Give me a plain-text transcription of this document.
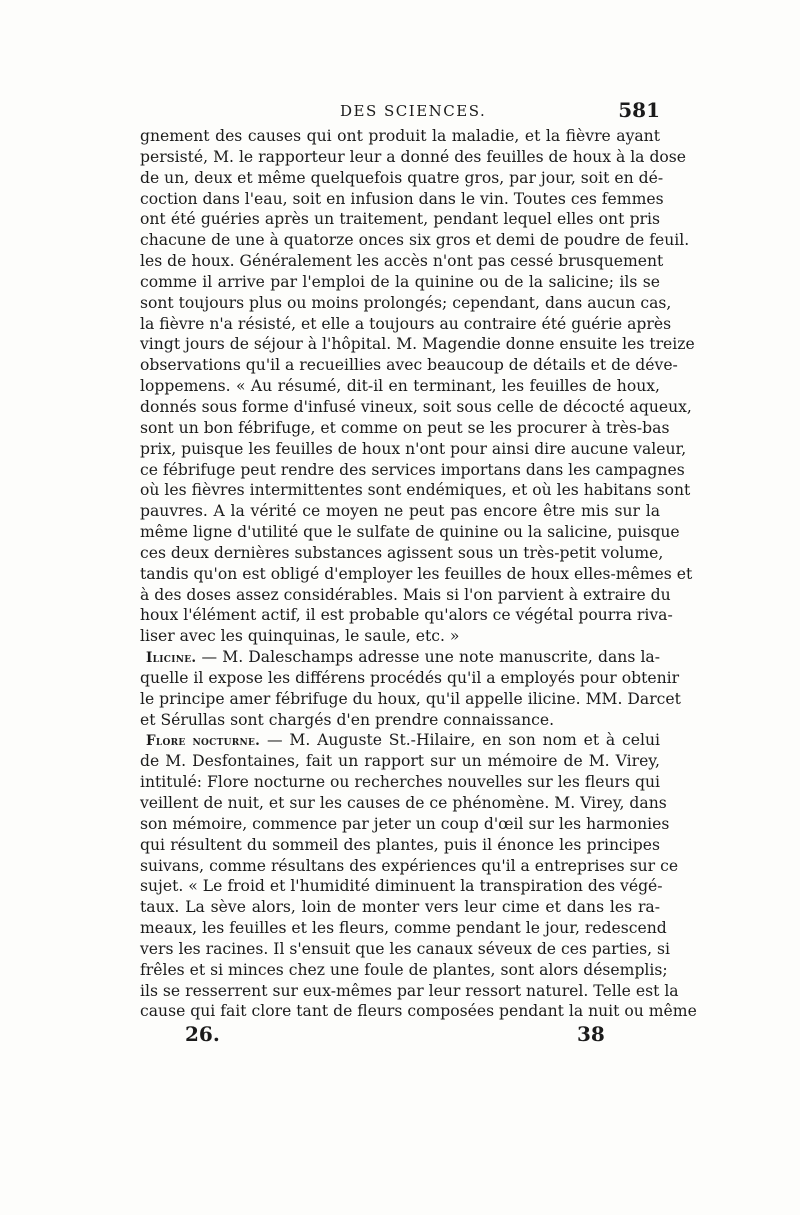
DES SCIENCES.	581
gnement des causes qui ont produit la maladie, et la fièvre ayant
persisté, M. le rapporteur leur a donné des feuilles de houx à la dose
de un, deux et même quelquefois quatre gros, par jour, soit en dé-
coction dans l'eau, soit en infusion dans le vin. Toutes ces femmes
ont été guéries après un traitement, pendant lequel elles ont pris
chacune de une à quatorze onces six gros et demi de poudre de feuil.
les de houx. Généralement les accès n'ont pas cessé brusquement
comme il arrive par l'emploi de la quinine ou de la salicine; ils se
sont toujours plus ou moins prolongés; cependant, dans aucun cas,
la fièvre n'a résisté, et elle a toujours au contraire été guérie après
vingt jours de séjour à l'hôpital. M. Magendie donne ensuite les treize
observations qu'il a recueillies avec beaucoup de détails et de déve-
loppemens. « Au résumé, dit-il en terminant, les feuilles de houx,
donnés sous forme d'infusé vineux, soit sous celle de décocté aqueux,
sont un bon fébrifuge, et comme on peut se les procurer à très-bas
prix, puisque les feuilles de houx n'ont pour ainsi dire aucune valeur,
ce fébrifuge peut rendre des services importans dans les campagnes
où les fièvres intermittentes sont endémiques, et où les habitans sont
pauvres. A la vérité ce moyen ne peut pas encore être mis sur la
même ligne d'utilité que le sulfate de quinine ou la salicine, puisque
ces deux dernières substances agissent sous un très-petit volume,
tandis qu'on est obligé d'employer les feuilles de houx elles-mêmes et
à des doses assez considérables. Mais si l'on parvient à extraire du
houx l'élément actif, il est probable qu'alors ce végétal pourra riva-
liser avec les quinquinas, le saule, etc. »
Ilicine. — M. Daleschamps adresse une note manuscrite, dans la-
quelle il expose les différens procédés qu'il a employés pour obtenir
le principe amer fébrifuge du houx, qu'il appelle ilicine. MM. Darcet
et Sérullas sont chargés d'en prendre connaissance.
Flore nocturne. — M. Auguste St.-Hilaire, en son nom et à celui
de M. Desfontaines, fait un rapport sur un mémoire de M. Virey,
intitulé: Flore nocturne ou recherches nouvelles sur les fleurs qui
veillent de nuit, et sur les causes de ce phénomène. M. Virey, dans
son mémoire, commence par jeter un coup d'œil sur les harmonies
qui résultent du sommeil des plantes, puis il énonce les principes
suivans, comme résultans des expériences qu'il a entreprises sur ce
sujet. « Le froid et l'humidité diminuent la transpiration des végé-
taux. La sève alors, loin de monter vers leur cime et dans les ra-
meaux, les feuilles et les fleurs, comme pendant le jour, redescend
vers les racines. Il s'ensuit que les canaux séveux de ces parties, si
frêles et si minces chez une foule de plantes, sont alors désemplis;
ils se resserrent sur eux-mêmes par leur ressort naturel. Telle est la
cause qui fait clore tant de fleurs composées pendant la nuit ou même
26.	38
